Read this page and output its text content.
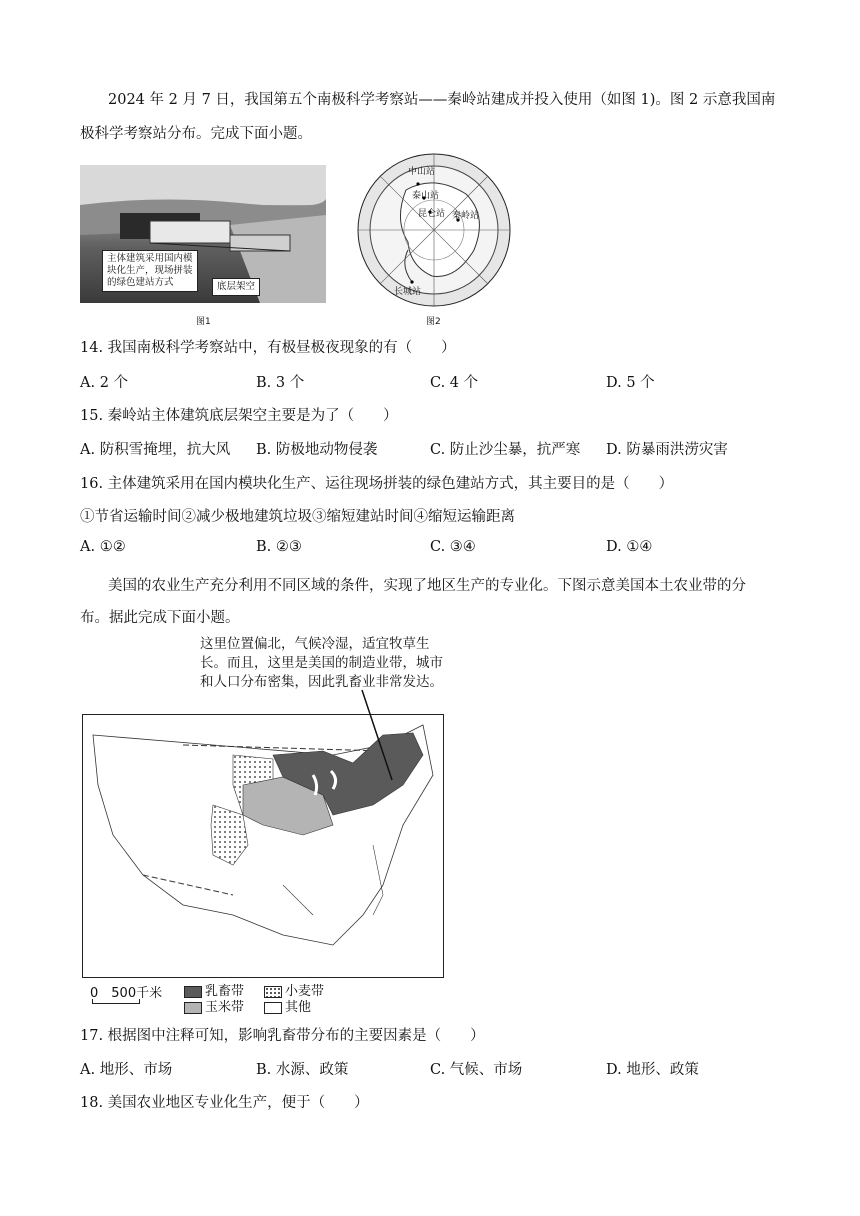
2024 年 2 月 7 日，我国第五个南极科学考察站——秦岭站建成并投入使用（如图 1)。图 2 示意我国南
极科学考察站分布。完成下面小题。
主体建筑采用国内模
块化生产，现场拼装
的绿色建站方式	底层架空
图1
中山站
泰山站
昆仑站 秦岭站
长城站
图2
14. 我国南极科学考察站中，有极昼极夜现象的有（　　）
A. 2 个	B. 3 个	C. 4 个	D. 5 个
15. 秦岭站主体建筑底层架空主要是为了（　　）
A. 防积雪掩埋，抗大风 B. 防极地动物侵袭	C. 防止沙尘暴，抗严寒 D. 防暴雨洪涝灾害
16. 主体建筑采用在国内模块化生产、运往现场拼装的绿色建站方式，其主要目的是（　　）
①节省运输时间②减少极地建筑垃圾③缩短建站时间④缩短运输距离
A. ①②	B. ②③	C. ③④	D. ①④
美国的农业生产充分利用不同区域的条件，实现了地区生产的专业化。下图示意美国本土农业带的分
布。据此完成下面小题。
这里位置偏北，气候冷湿，适宜牧草生
长。而且，这里是美国的制造业带，城市
和人口分布密集，因此乳畜业非常发达。
0　500千米	乳畜带	小麦带
玉米带	其他
17. 根据图中注释可知，影响乳畜带分布的主要因素是（　　）
A. 地形、市场	B. 水源、政策	C. 气候、市场	D. 地形、政策
18. 美国农业地区专业化生产，便于（　　）
